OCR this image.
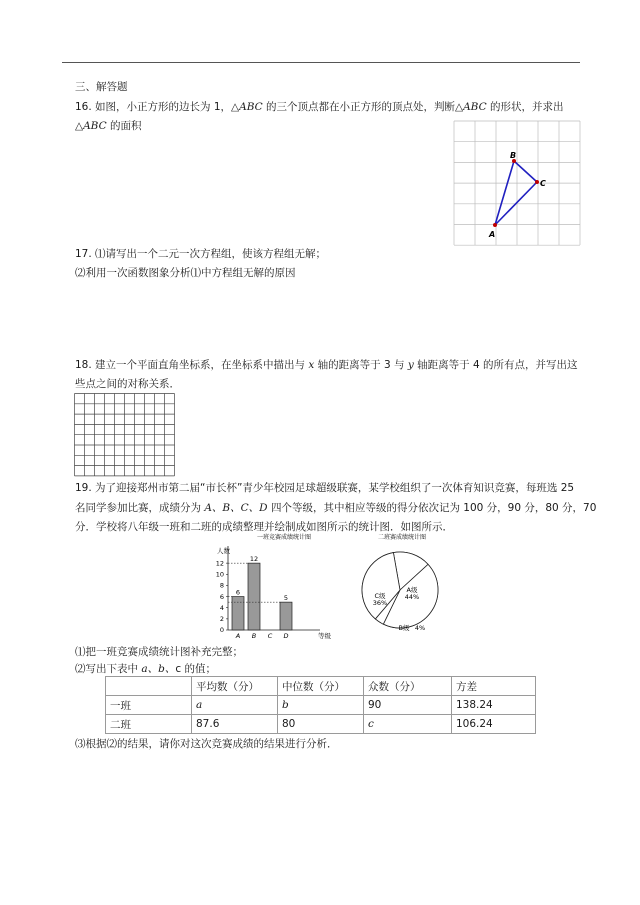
三、解答题
16. 如图，小正方形的边长为 1，△ABC 的三个顶点都在小正方形的顶点处，判断△ABC 的形状，并求出
△ABC 的面积
A
B
C
17. ⑴请写出一个二元一次方程组，使该方程组无解；
⑵利用一次函数图象分析⑴中方程组无解的原因
18. 建立一个平面直角坐标系，在坐标系中描出与 x 轴的距离等于 3 与 y 轴距离等于 4 的所有点，并写出这
些点之间的对称关系．
19. 为了迎接郑州市第二届“市长杯”青少年校园足球超级联赛，某学校组织了一次体育知识竞赛，每班选 25
名同学参加比赛，成绩分为 A、B、C、D 四个等级，其中相应等级的得分依次记为 100 分，90 分，80 分，70
分．学校将八年级一班和二班的成绩整理并绘制成如图所示的统计图．如图所示．
一班竞赛成绩统计图
人数
等级
0
2
4
6
8
10
12
6
A
12
B C
5
D
二班赛成绩统计图
A级
44%
B级 4%
C级
36%
⑴把一班竞赛成绩统计图补充完整；
⑵写出下表中 a、b、c 的值；
	平均数（分）	中位数（分）	众数（分）	方差
一班	a	b	90	138.24
二班	87.6	80	c	106.24
⑶根据⑵的结果，请你对这次竞赛成绩的结果进行分析．
